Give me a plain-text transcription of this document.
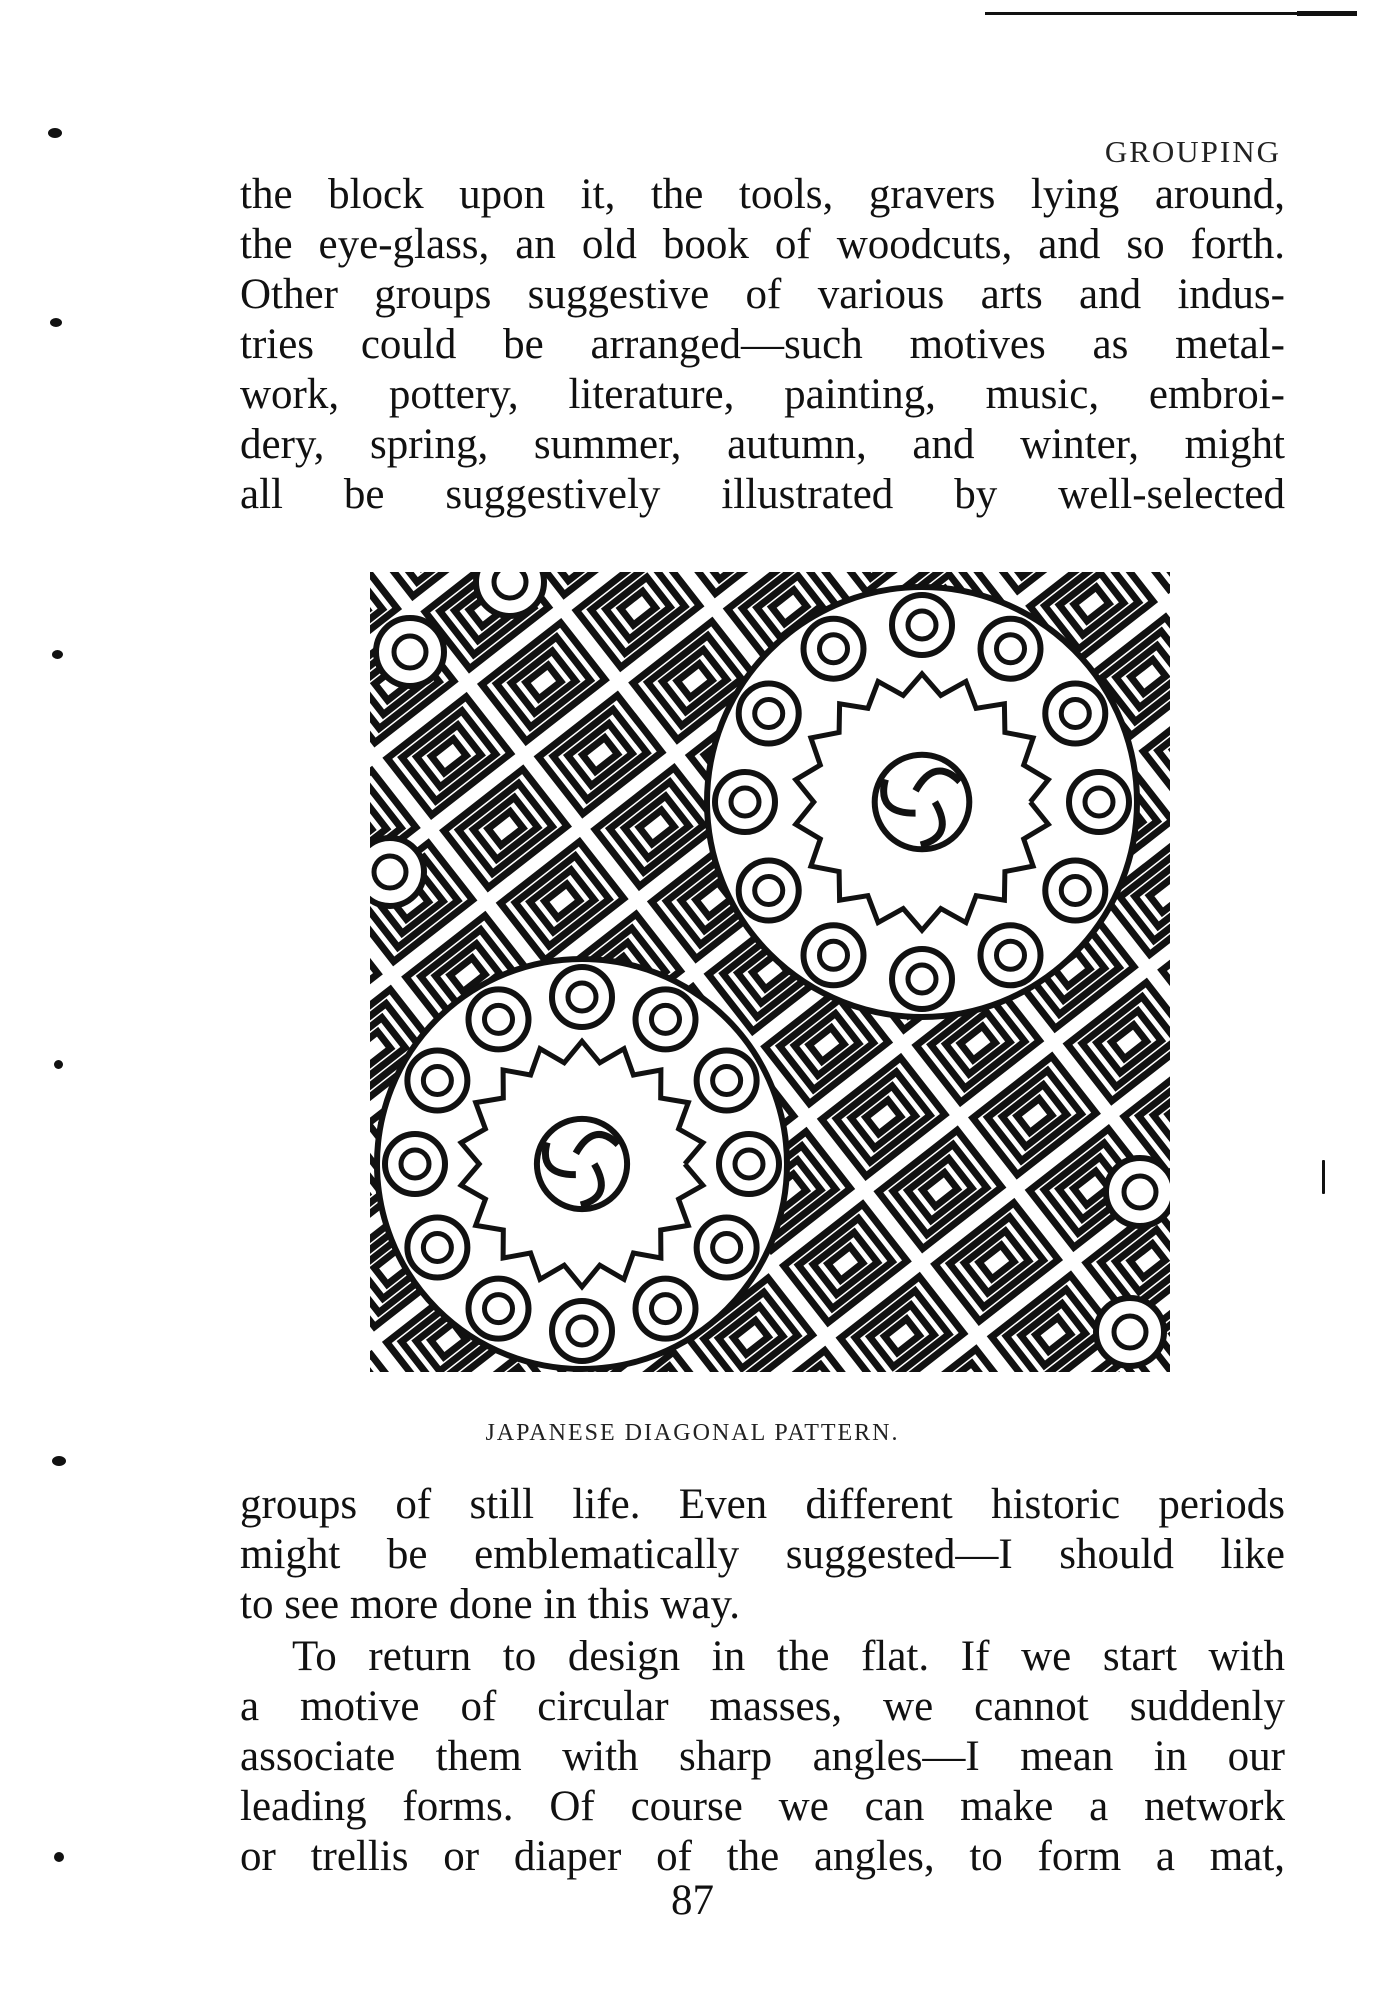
GROUPING
the block upon it, the tools, gravers lying around,
the eye-glass, an old book of woodcuts, and so forth.
Other groups suggestive of various arts and indus-
tries could be arranged—such motives as metal-
work, pottery, literature, painting, music, embroi-
dery, spring, summer, autumn, and winter, might
all be suggestively illustrated by well-selected
JAPANESE DIAGONAL PATTERN.
groups of still life. Even different historic periods
might be emblematically suggested—I should like
to see more done in this way.
To return to design in the flat. If we start with
a motive of circular masses, we cannot suddenly
associate them with sharp angles—I mean in our
leading forms. Of course we can make a network
or trellis or diaper of the angles, to form a mat,
87
